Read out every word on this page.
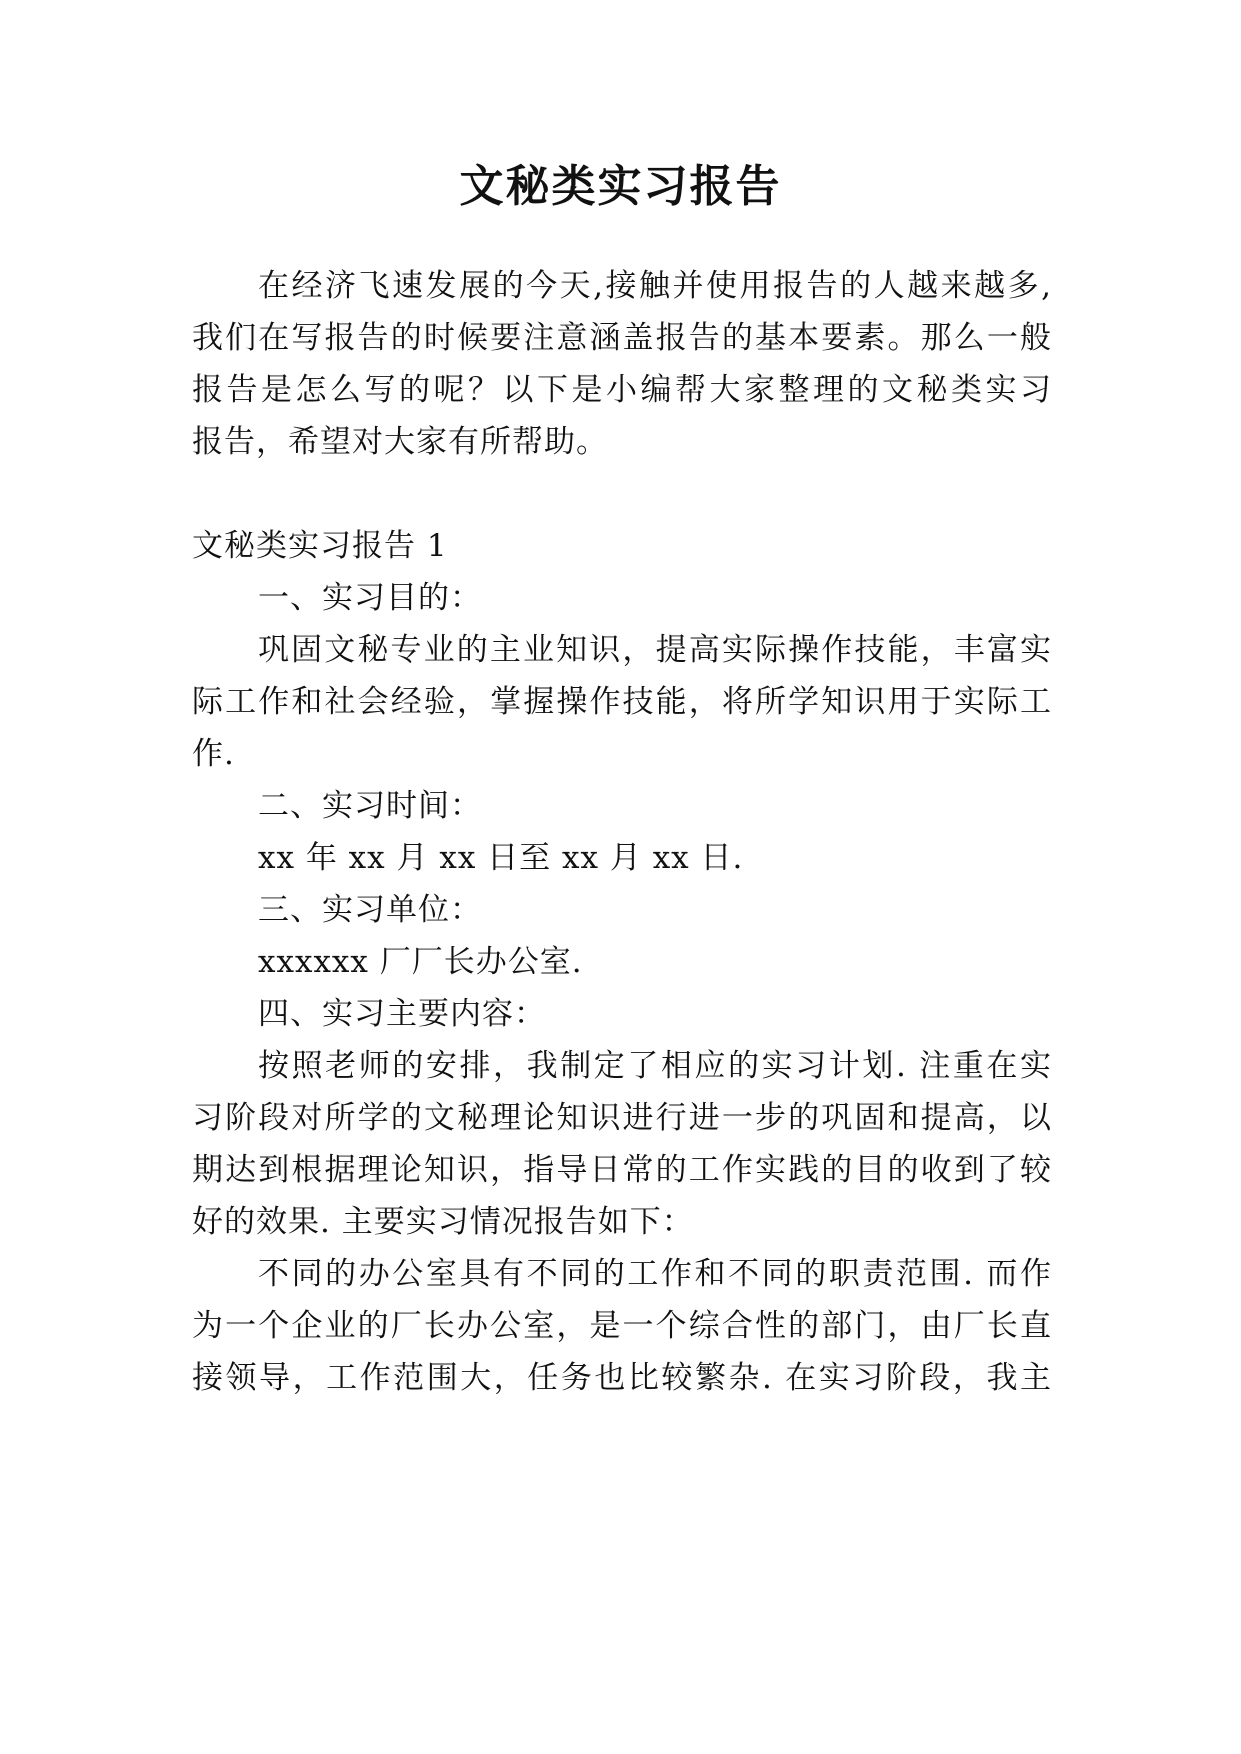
文秘类实习报告
在经济飞速发展的今天,接触并使用报告的人越来越多,
我们在写报告的时候要注意涵盖报告的基本要素。那么一般
报告是怎么写的呢？以下是小编帮大家整理的文秘类实习
报告，希望对大家有所帮助。
文秘类实习报告 1
一、实习目的：
巩固文秘专业的主业知识，提高实际操作技能，丰富实
际工作和社会经验，掌握操作技能，将所学知识用于实际工
作.
二、实习时间：
xx 年 xx 月 xx 日至 xx 月 xx 日.
三、实习单位：
xxxxxx 厂厂长办公室.
四、实习主要内容：
按照老师的安排，我制定了相应的实习计划. 注重在实
习阶段对所学的文秘理论知识进行进一步的巩固和提高，以
期达到根据理论知识，指导日常的工作实践的目的收到了较
好的效果. 主要实习情况报告如下：
不同的办公室具有不同的工作和不同的职责范围. 而作
为一个企业的厂长办公室，是一个综合性的部门，由厂长直
接领导，工作范围大，任务也比较繁杂. 在实习阶段，我主
